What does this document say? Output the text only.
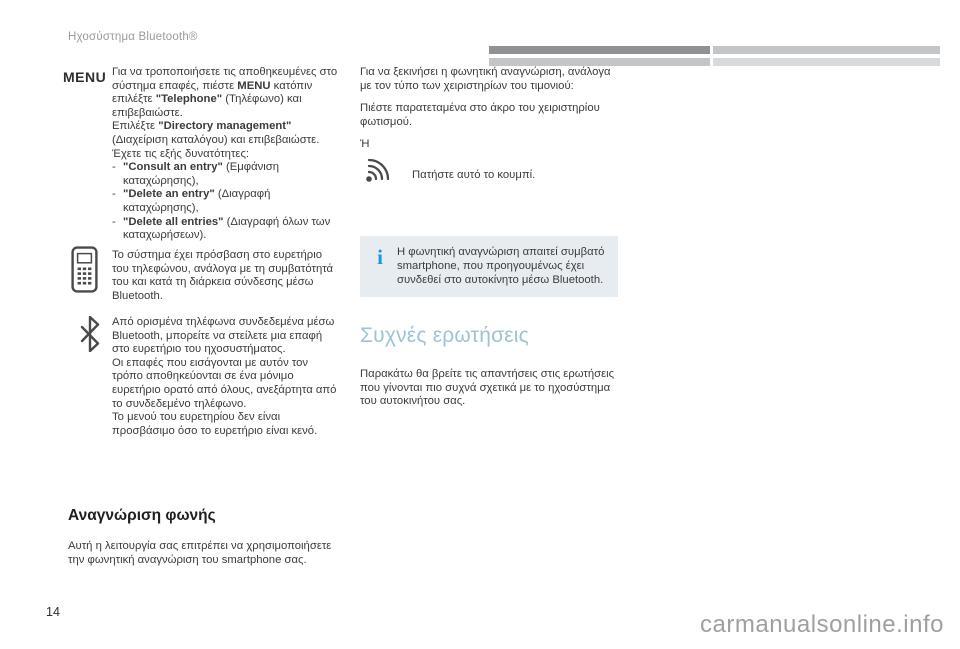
Ηχοσύστημα Bluetooth®
MENU Για να τροποποιήσετε τις αποθηκευμένες στο σύστημα επαφές, πιέστε MENU κατόπιν επιλέξτε "Telephone" (Τηλέφωνο) και επιβεβαιώστε.
Επιλέξτε "Directory management" (Διαχείριση καταλόγου) και επιβεβαιώστε.
Έχετε τις εξής δυνατότητες:
- "Consult an entry" (Εμφάνιση καταχώρησης),
- "Delete an entry" (Διαγραφή καταχώρησης),
- "Delete all entries" (Διαγραφή όλων των καταχωρήσεων).
Το σύστημα έχει πρόσβαση στο ευρετήριο του τηλεφώνου, ανάλογα με τη συμβατότητά του και κατά τη διάρκεια σύνδεσης μέσω Bluetooth.
Από ορισμένα τηλέφωνα συνδεδεμένα μέσω Bluetooth, μπορείτε να στείλετε μια επαφή στο ευρετήριο του ηχοσυστήματος.
Οι επαφές που εισάγονται με αυτόν τον τρόπο αποθηκεύονται σε ένα μόνιμο ευρετήριο ορατό από όλους, ανεξάρτητα από το συνδεδεμένο τηλέφωνο.
Το μενού του ευρετηρίου δεν είναι προσβάσιμο όσο το ευρετήριο είναι κενό.
Αναγνώριση φωνής
Αυτή η λειτουργία σας επιτρέπει να χρησιμοποιήσετε την φωνητική αναγνώριση του smartphone σας.
Για να ξεκινήσει η φωνητική αναγνώριση, ανάλογα με τον τύπο των χειριστηρίων του τιμονιού:
Πιέστε παρατεταμένα στο άκρο του χειριστηρίου φωτισμού.
Ή
Πατήστε αυτό το κουμπί.
i	Η φωνητική αναγνώριση απαιτεί συμβατό smartphone, που προηγουμένως έχει συνδεθεί στο αυτοκίνητο μέσω Bluetooth.
Συχνές ερωτήσεις
Παρακάτω θα βρείτε τις απαντήσεις στις ερωτήσεις που γίνονται πιο συχνά σχετικά με το ηχοσύστημα του αυτοκινήτου σας.
14	carmanualsonline.info
